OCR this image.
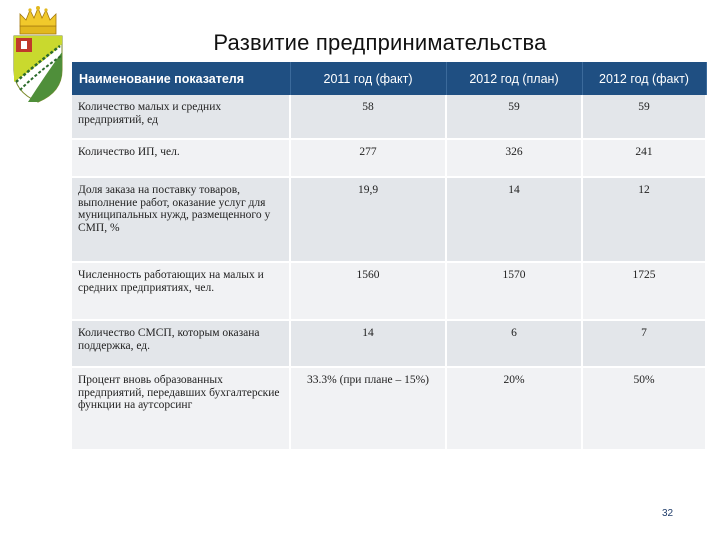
Развитие предпринимательства
Наименование показателя	2011 год (факт)	2012 год (план)	2012 год (факт)
Количество малых и средних предприятий, ед	58	59	59
Количество ИП, чел.	277	326	241
Доля заказа на поставку товаров, выполнение работ, оказание услуг для муниципальных нужд, размещенного у СМП, %	19,9	14	12
Численность работающих на малых и средних предприятиях, чел.	1560	1570	1725
Количество СМСП, которым оказана поддержка, ед.	14	6	7
Процент вновь образованных предприятий, передавших бухгалтерские функции на аутсорсинг	33.3% (при плане – 15%)	20%	50%
32
